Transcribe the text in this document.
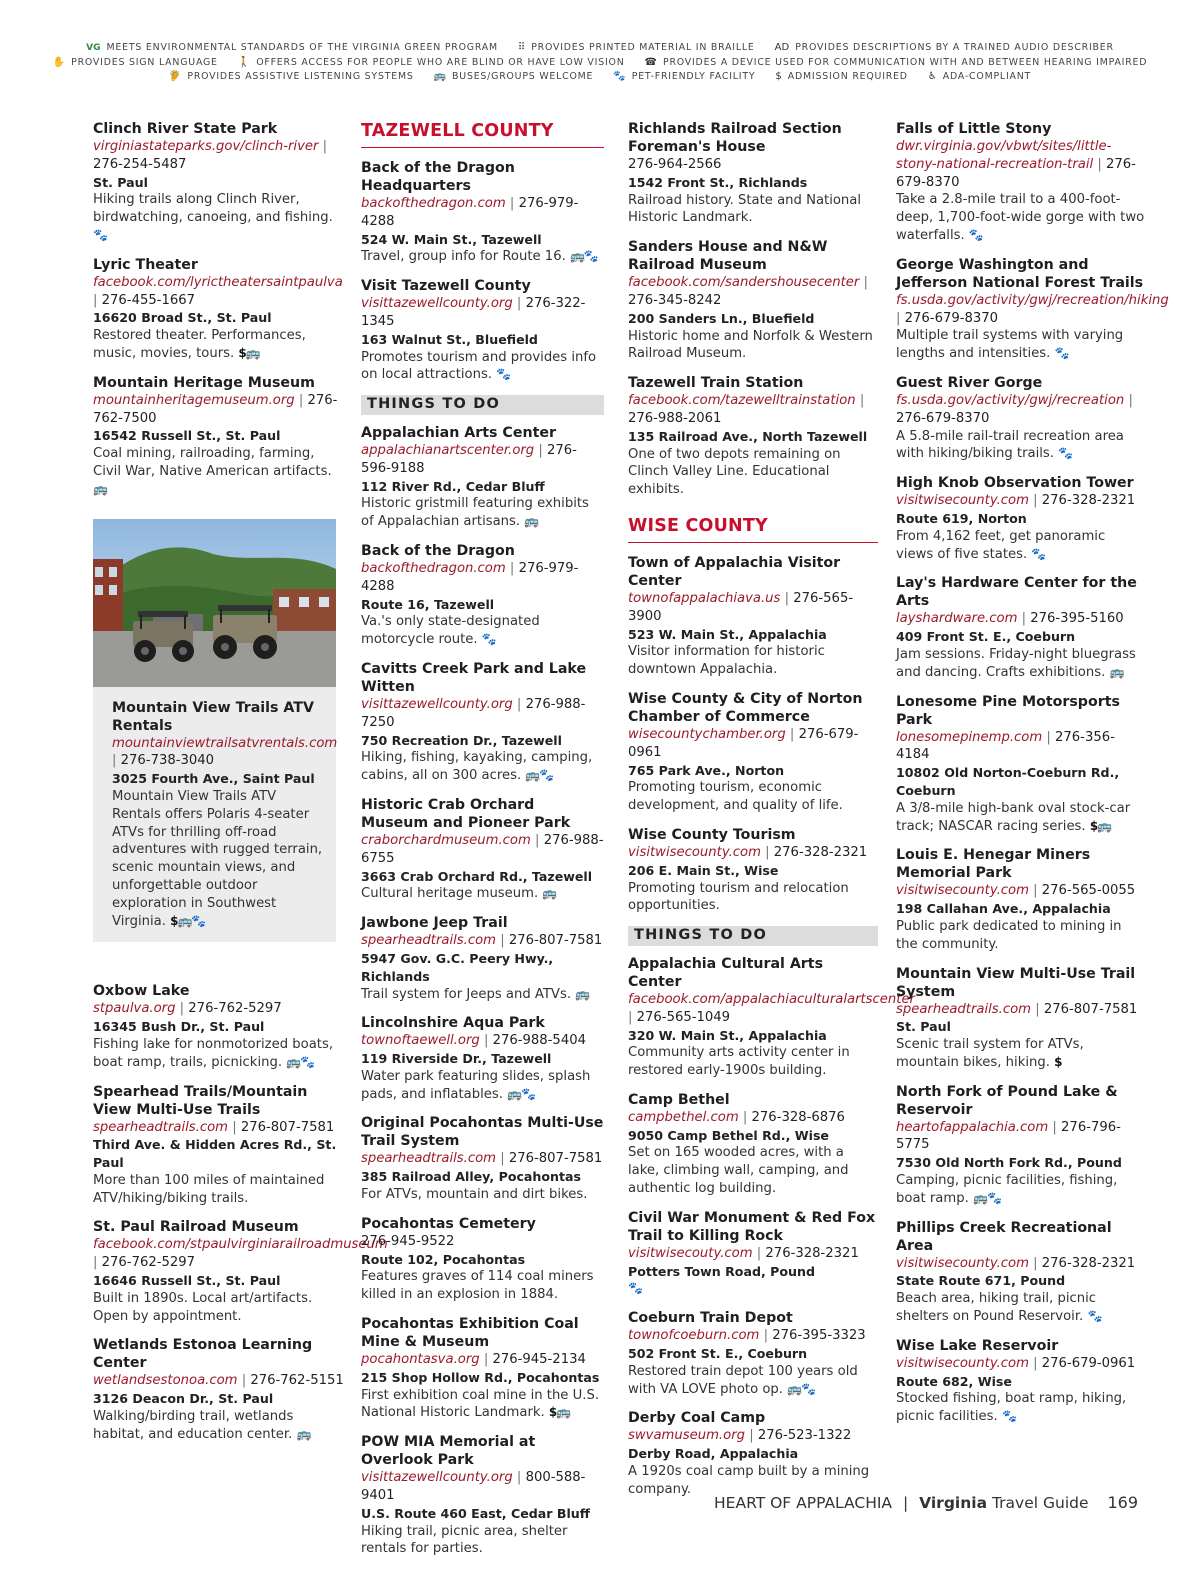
VG MEETS ENVIRONMENTAL STANDARDS OF THE VIRGINIA GREEN PROGRAM ⠿ PROVIDES PRINTED MATERIAL IN BRAILLE AD PROVIDES DESCRIPTIONS BY A TRAINED AUDIO DESCRIBER
✋ PROVIDES SIGN LANGUAGE 🚶 OFFERS ACCESS FOR PEOPLE WHO ARE BLIND OR HAVE LOW VISION ☎ PROVIDES A DEVICE USED FOR COMMUNICATION WITH AND BETWEEN HEARING IMPAIRED
🦻 PROVIDES ASSISTIVE LISTENING SYSTEMS 🚌 BUSES/GROUPS WELCOME 🐾 PET-FRIENDLY FACILITY $ ADMISSION REQUIRED ♿ ADA-COMPLIANT
Clinch River State Park
virginiastateparks.gov/clinch-river | 276-254-5487
St. Paul
Hiking trails along Clinch River, birdwatching, canoeing, and fishing. 🐾
Lyric Theater
facebook.com/lyrictheatersaintpaulva | 276-455-1667
16620 Broad St., St. Paul
Restored theater. Performances, music, movies, tours. $🚌
Mountain Heritage Museum
mountainheritagemuseum.org | 276-762-7500
16542 Russell St., St. Paul
Coal mining, railroading, farming, Civil War, Native American artifacts. 🚌
Mountain View Trails ATV Rentals
mountainviewtrailsatvrentals.com | 276-738-3040
3025 Fourth Ave., Saint Paul
Mountain View Trails ATV Rentals offers Polaris 4-seater ATVs for thrilling off-road adventures with rugged terrain, scenic mountain views, and unforgettable outdoor exploration in Southwest Virginia. $🚌🐾
Oxbow Lake
stpaulva.org | 276-762-5297
16345 Bush Dr., St. Paul
Fishing lake for nonmotorized boats, boat ramp, trails, picnicking. 🚌🐾
Spearhead Trails/Mountain View Multi-Use Trails
spearheadtrails.com | 276-807-7581
Third Ave. & Hidden Acres Rd., St. Paul
More than 100 miles of maintained ATV/hiking/biking trails.
St. Paul Railroad Museum
facebook.com/stpaulvirginiarailroadmuseum | 276-762-5297
16646 Russell St., St. Paul
Built in 1890s. Local art/artifacts. Open by appointment.
Wetlands Estonoa Learning Center
wetlandsestonoa.com | 276-762-5151
3126 Deacon Dr., St. Paul
Walking/birding trail, wetlands habitat, and education center. 🚌
TAZEWELL COUNTY
Back of the Dragon Headquarters
backofthedragon.com | 276-979-4288
524 W. Main St., Tazewell
Travel, group info for Route 16. 🚌🐾
Visit Tazewell County
visittazewellcounty.org | 276-322-1345
163 Walnut St., Bluefield
Promotes tourism and provides info on local attractions. 🐾
THINGS TO DO
Appalachian Arts Center
appalachianartscenter.org | 276-596-9188
112 River Rd., Cedar Bluff
Historic gristmill featuring exhibits of Appalachian artisans. 🚌
Back of the Dragon
backofthedragon.com | 276-979-4288
Route 16, Tazewell
Va.'s only state-designated motorcycle route. 🐾
Cavitts Creek Park and Lake Witten
visittazewellcounty.org | 276-988-7250
750 Recreation Dr., Tazewell
Hiking, fishing, kayaking, camping, cabins, all on 300 acres. 🚌🐾
Historic Crab Orchard Museum and Pioneer Park
craborchardmuseum.com | 276-988-6755
3663 Crab Orchard Rd., Tazewell
Cultural heritage museum. 🚌
Jawbone Jeep Trail
spearheadtrails.com | 276-807-7581
5947 Gov. G.C. Peery Hwy., Richlands
Trail system for Jeeps and ATVs. 🚌
Lincolnshire Aqua Park
townoftaewell.org | 276-988-5404
119 Riverside Dr., Tazewell
Water park featuring slides, splash pads, and inflatables. 🚌🐾
Original Pocahontas Multi-Use Trail System
spearheadtrails.com | 276-807-7581
385 Railroad Alley, Pocahontas
For ATVs, mountain and dirt bikes.
Pocahontas Cemetery
276-945-9522
Route 102, Pocahontas
Features graves of 114 coal miners killed in an explosion in 1884.
Pocahontas Exhibition Coal Mine & Museum
pocahontasva.org | 276-945-2134
215 Shop Hollow Rd., Pocahontas
First exhibition coal mine in the U.S. National Historic Landmark. $🚌
POW MIA Memorial at Overlook Park
visittazewellcounty.org | 800-588-9401
U.S. Route 460 East, Cedar Bluff
Hiking trail, picnic area, shelter rentals for parties.
Richlands Railroad Section Foreman's House
276-964-2566
1542 Front St., Richlands
Railroad history. State and National Historic Landmark.
Sanders House and N&W Railroad Museum
facebook.com/sandershousecenter | 276-345-8242
200 Sanders Ln., Bluefield
Historic home and Norfolk & Western Railroad Museum.
Tazewell Train Station
facebook.com/tazewelltrainstation | 276-988-2061
135 Railroad Ave., North Tazewell
One of two depots remaining on Clinch Valley Line. Educational exhibits.
WISE COUNTY
Town of Appalachia Visitor Center
townofappalachiava.us | 276-565-3900
523 W. Main St., Appalachia
Visitor information for historic downtown Appalachia.
Wise County & City of Norton Chamber of Commerce
wisecountychamber.org | 276-679-0961
765 Park Ave., Norton
Promoting tourism, economic development, and quality of life.
Wise County Tourism
visitwisecounty.com | 276-328-2321
206 E. Main St., Wise
Promoting tourism and relocation opportunities.
THINGS TO DO
Appalachia Cultural Arts Center
facebook.com/appalachiaculturalartscenter | 276-565-1049
320 W. Main St., Appalachia
Community arts activity center in restored early-1900s building.
Camp Bethel
campbethel.com | 276-328-6876
9050 Camp Bethel Rd., Wise
Set on 165 wooded acres, with a lake, climbing wall, camping, and authentic log building.
Civil War Monument & Red Fox Trail to Killing Rock
visitwisecouty.com | 276-328-2321
Potters Town Road, Pound
🐾
Coeburn Train Depot
townofcoeburn.com | 276-395-3323
502 Front St. E., Coeburn
Restored train depot 100 years old with VA LOVE photo op. 🚌🐾
Derby Coal Camp
swvamuseum.org | 276-523-1322
Derby Road, Appalachia
A 1920s coal camp built by a mining company.
Falls of Little Stony
dwr.virginia.gov/vbwt/sites/little-stony-national-recreation-trail | 276-679-8370
Take a 2.8-mile trail to a 400-foot-deep, 1,700-foot-wide gorge with two waterfalls. 🐾
George Washington and Jefferson National Forest Trails
fs.usda.gov/activity/gwj/recreation/hiking | 276-679-8370
Multiple trail systems with varying lengths and intensities. 🐾
Guest River Gorge
fs.usda.gov/activity/gwj/recreation | 276-679-8370
A 5.8-mile rail-trail recreation area with hiking/biking trails. 🐾
High Knob Observation Tower
visitwisecounty.com | 276-328-2321
Route 619, Norton
From 4,162 feet, get panoramic views of five states. 🐾
Lay's Hardware Center for the Arts
layshardware.com | 276-395-5160
409 Front St. E., Coeburn
Jam sessions. Friday-night bluegrass and dancing. Crafts exhibitions. 🚌
Lonesome Pine Motorsports Park
lonesomepinemp.com | 276-356-4184
10802 Old Norton-Coeburn Rd., Coeburn
A 3/8-mile high-bank oval stock-car track; NASCAR racing series. $🚌
Louis E. Henegar Miners Memorial Park
visitwisecounty.com | 276-565-0055
198 Callahan Ave., Appalachia
Public park dedicated to mining in the community.
Mountain View Multi-Use Trail System
spearheadtrails.com | 276-807-7581
St. Paul
Scenic trail system for ATVs, mountain bikes, hiking. $
North Fork of Pound Lake & Reservoir
heartofappalachia.com | 276-796-5775
7530 Old North Fork Rd., Pound
Camping, picnic facilities, fishing, boat ramp. 🚌🐾
Phillips Creek Recreational Area
visitwisecounty.com | 276-328-2321
State Route 671, Pound
Beach area, hiking trail, picnic shelters on Pound Reservoir. 🐾
Wise Lake Reservoir
visitwisecounty.com | 276-679-0961
Route 682, Wise
Stocked fishing, boat ramp, hiking, picnic facilities. 🐾
HEART OF APPALACHIA | Virginia Travel Guide 169
